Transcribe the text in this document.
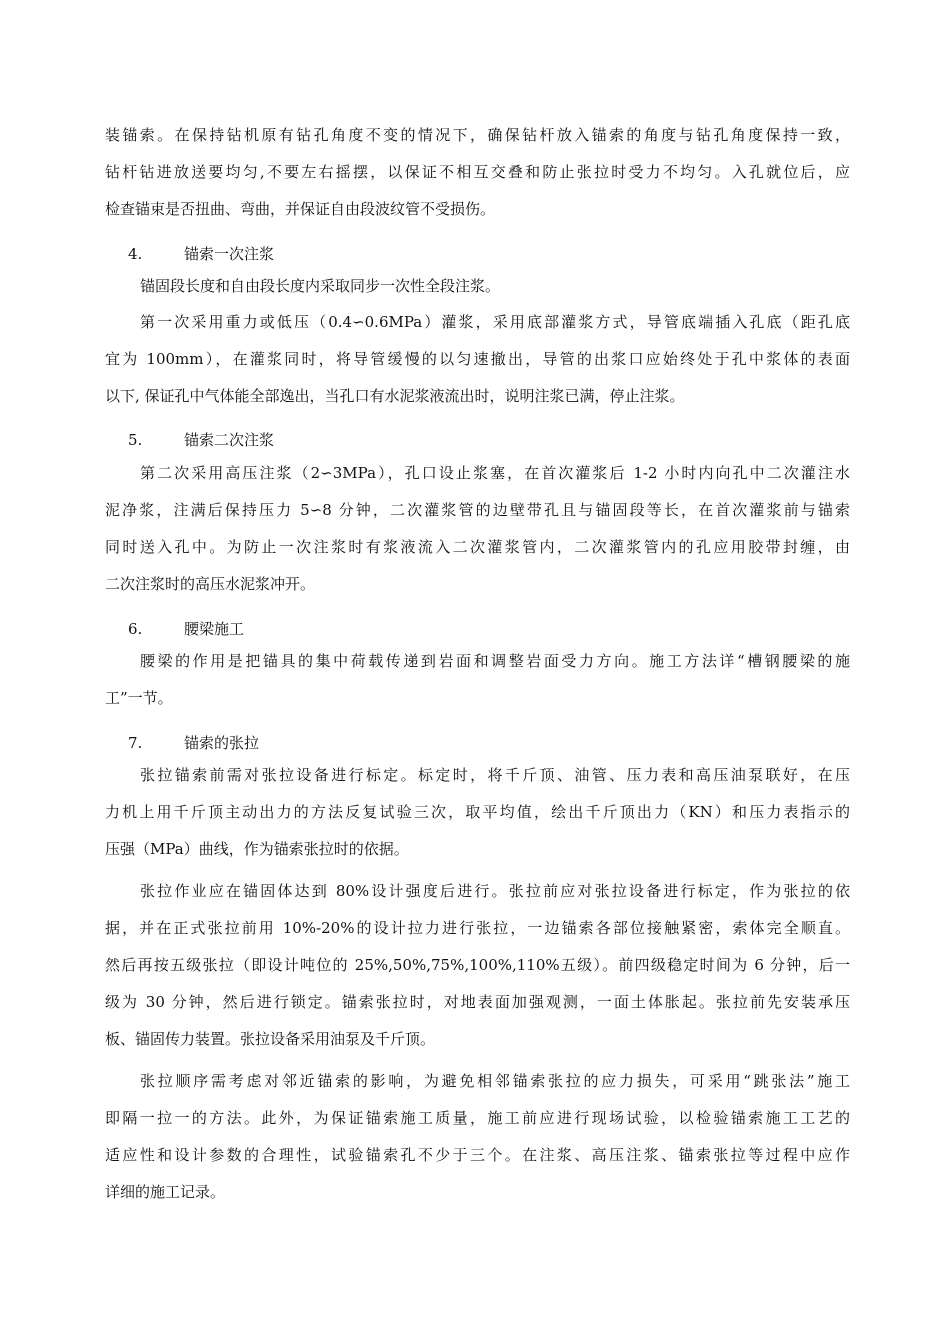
装锚索。在保持钻机原有钻孔角度不变的情况下，确保钻杆放入锚索的角度与钻孔角度保持一致，
钻杆钻进放送要均匀,不要左右摇摆，以保证不相互交叠和防止张拉时受力不均匀。入孔就位后，应
检查锚束是否扭曲、弯曲，并保证自由段波纹管不受损伤。
4.	锚索一次注浆
锚固段长度和自由段长度内采取同步一次性全段注浆。
第一次采用重力或低压（0.4∽0.6MPa）灌浆，采用底部灌浆方式，导管底端插入孔底（距孔底
宜为 100mm），在灌浆同时，将导管缓慢的以匀速撤出，导管的出浆口应始终处于孔中浆体的表面
以下, 保证孔中气体能全部逸出，当孔口有水泥浆液流出时，说明注浆已满，停止注浆。
5.	锚索二次注浆
第二次采用高压注浆（2∽3MPa），孔口设止浆塞，在首次灌浆后 1-2 小时内向孔中二次灌注水
泥净浆，注满后保持压力 5∽8 分钟，二次灌浆管的边壁带孔且与锚固段等长，在首次灌浆前与锚索
同时送入孔中。为防止一次注浆时有浆液流入二次灌浆管内，二次灌浆管内的孔应用胶带封缠，由
二次注浆时的高压水泥浆冲开。
6.	腰梁施工
腰梁的作用是把锚具的集中荷载传递到岩面和调整岩面受力方向。施工方法详“槽钢腰梁的施
工”一节。
7.	锚索的张拉
张拉锚索前需对张拉设备进行标定。标定时，将千斤顶、油管、压力表和高压油泵联好，在压
力机上用千斤顶主动出力的方法反复试验三次，取平均值，绘出千斤顶出力（KN）和压力表指示的
压强（MPa）曲线，作为锚索张拉时的依据。
张拉作业应在锚固体达到 80%设计强度后进行。张拉前应对张拉设备进行标定，作为张拉的依
据，并在正式张拉前用 10%-20%的设计拉力进行张拉，一边锚索各部位接触紧密，索体完全顺直。
然后再按五级张拉（即设计吨位的 25%,50%,75%,100%,110%五级）。前四级稳定时间为 6 分钟，后一
级为 30 分钟，然后进行锁定。锚索张拉时，对地表面加强观测，一面土体胀起。张拉前先安装承压
板、锚固传力装置。张拉设备采用油泵及千斤顶。
张拉顺序需考虑对邻近锚索的影响，为避免相邻锚索张拉的应力损失，可采用“跳张法”施工
即隔一拉一的方法。此外，为保证锚索施工质量，施工前应进行现场试验，以检验锚索施工工艺的
适应性和设计参数的合理性，试验锚索孔不少于三个。在注浆、高压注浆、锚索张拉等过程中应作
详细的施工记录。
